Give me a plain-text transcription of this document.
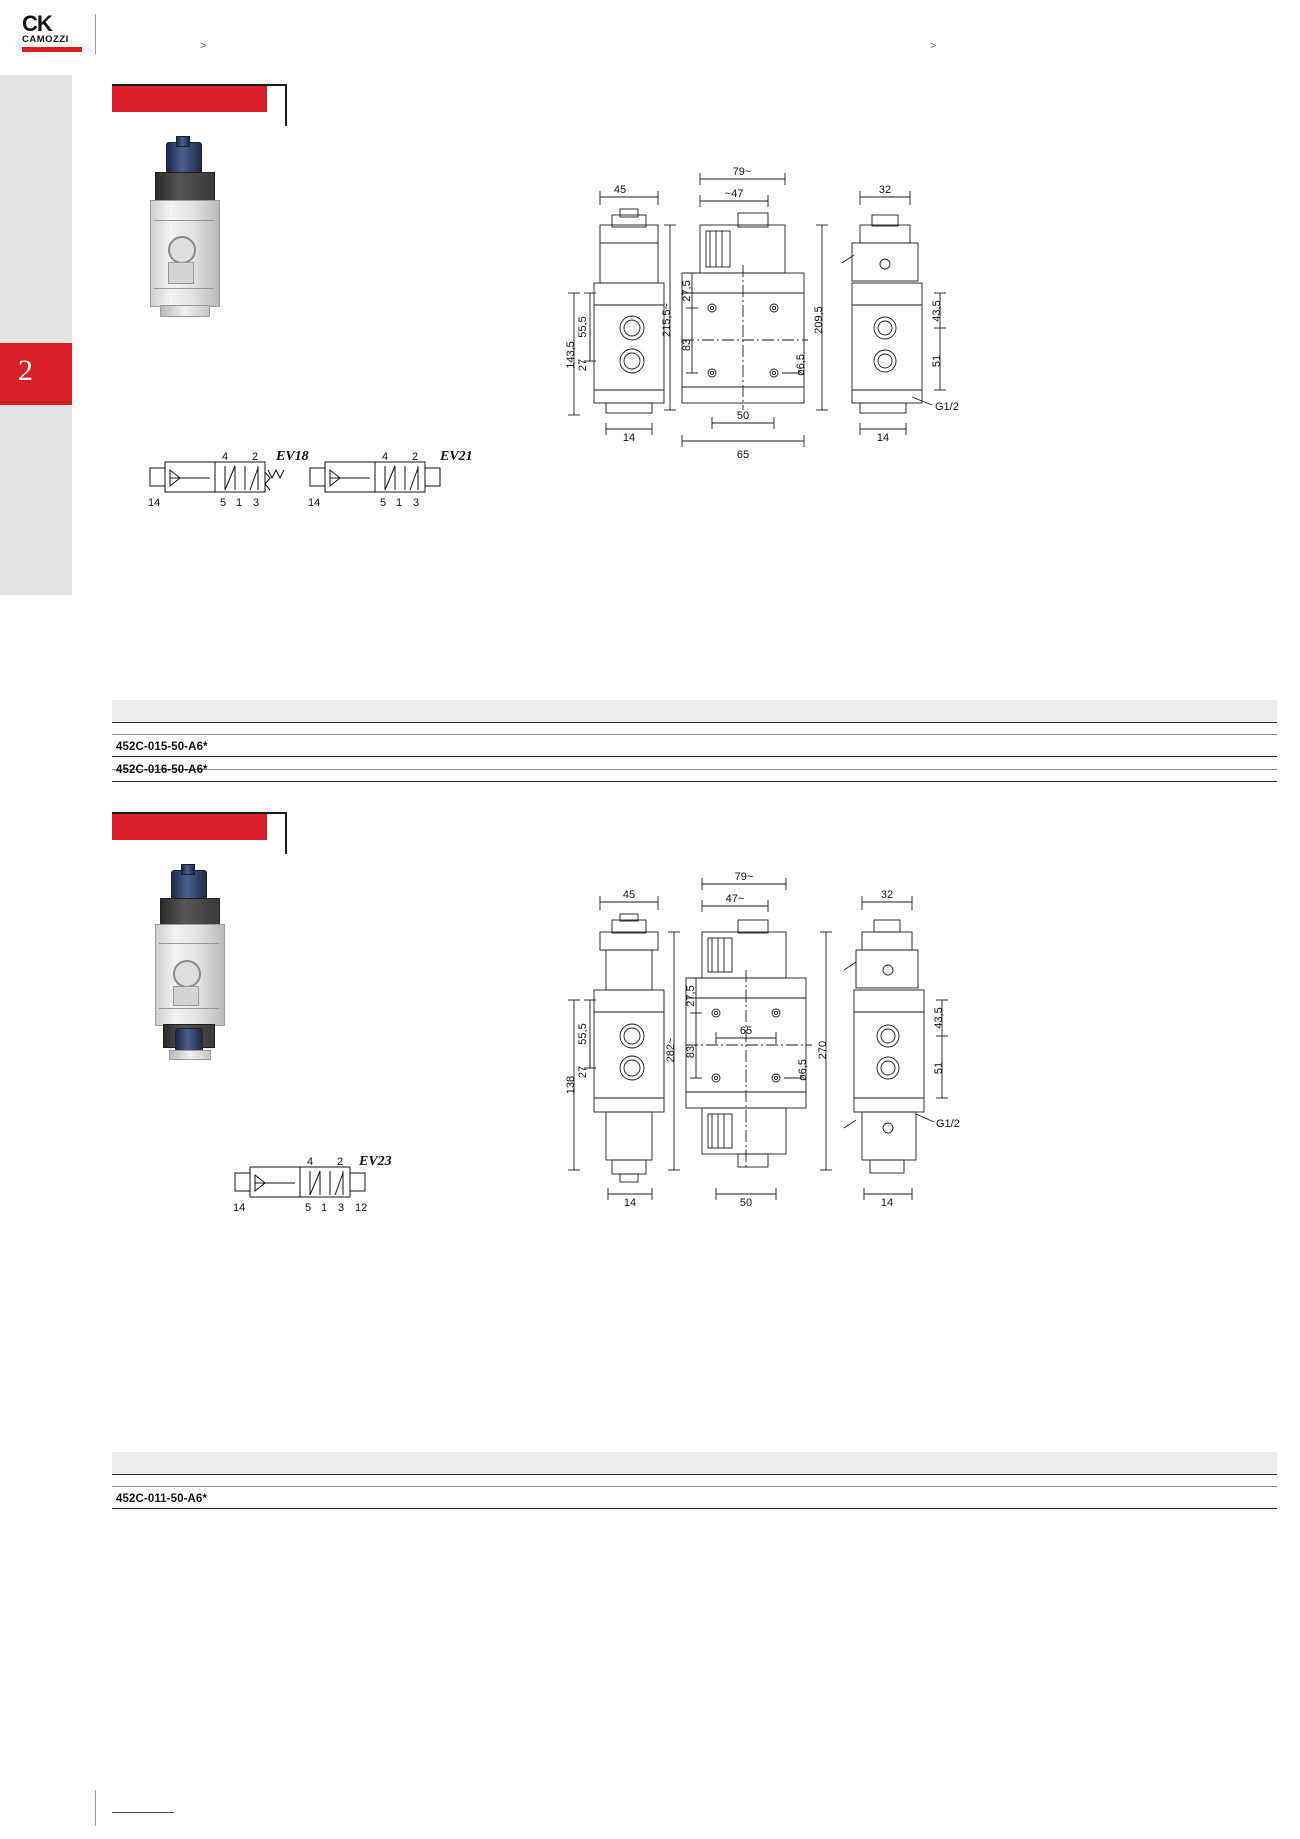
CK
CAMOZZI
>	>
2
4 2
14	5 1 3
EV18	4 2
14	5 1 3
EV21
45
143,5
55,5
27
14
79~
~47
215,5~
27,5
83
209,5
ø6,5
50
65
32
43,5
51
G1/2
14
452C-015-50-A6*
452C-016-50-A6*
4 2
14	5 1 3 12
EV23
45
138
55,5
27
14
79~
47~
282~
27,5
83
65
270
ø6,5
50
32
43,5
51
G1/2
14
452C-011-50-A6*
